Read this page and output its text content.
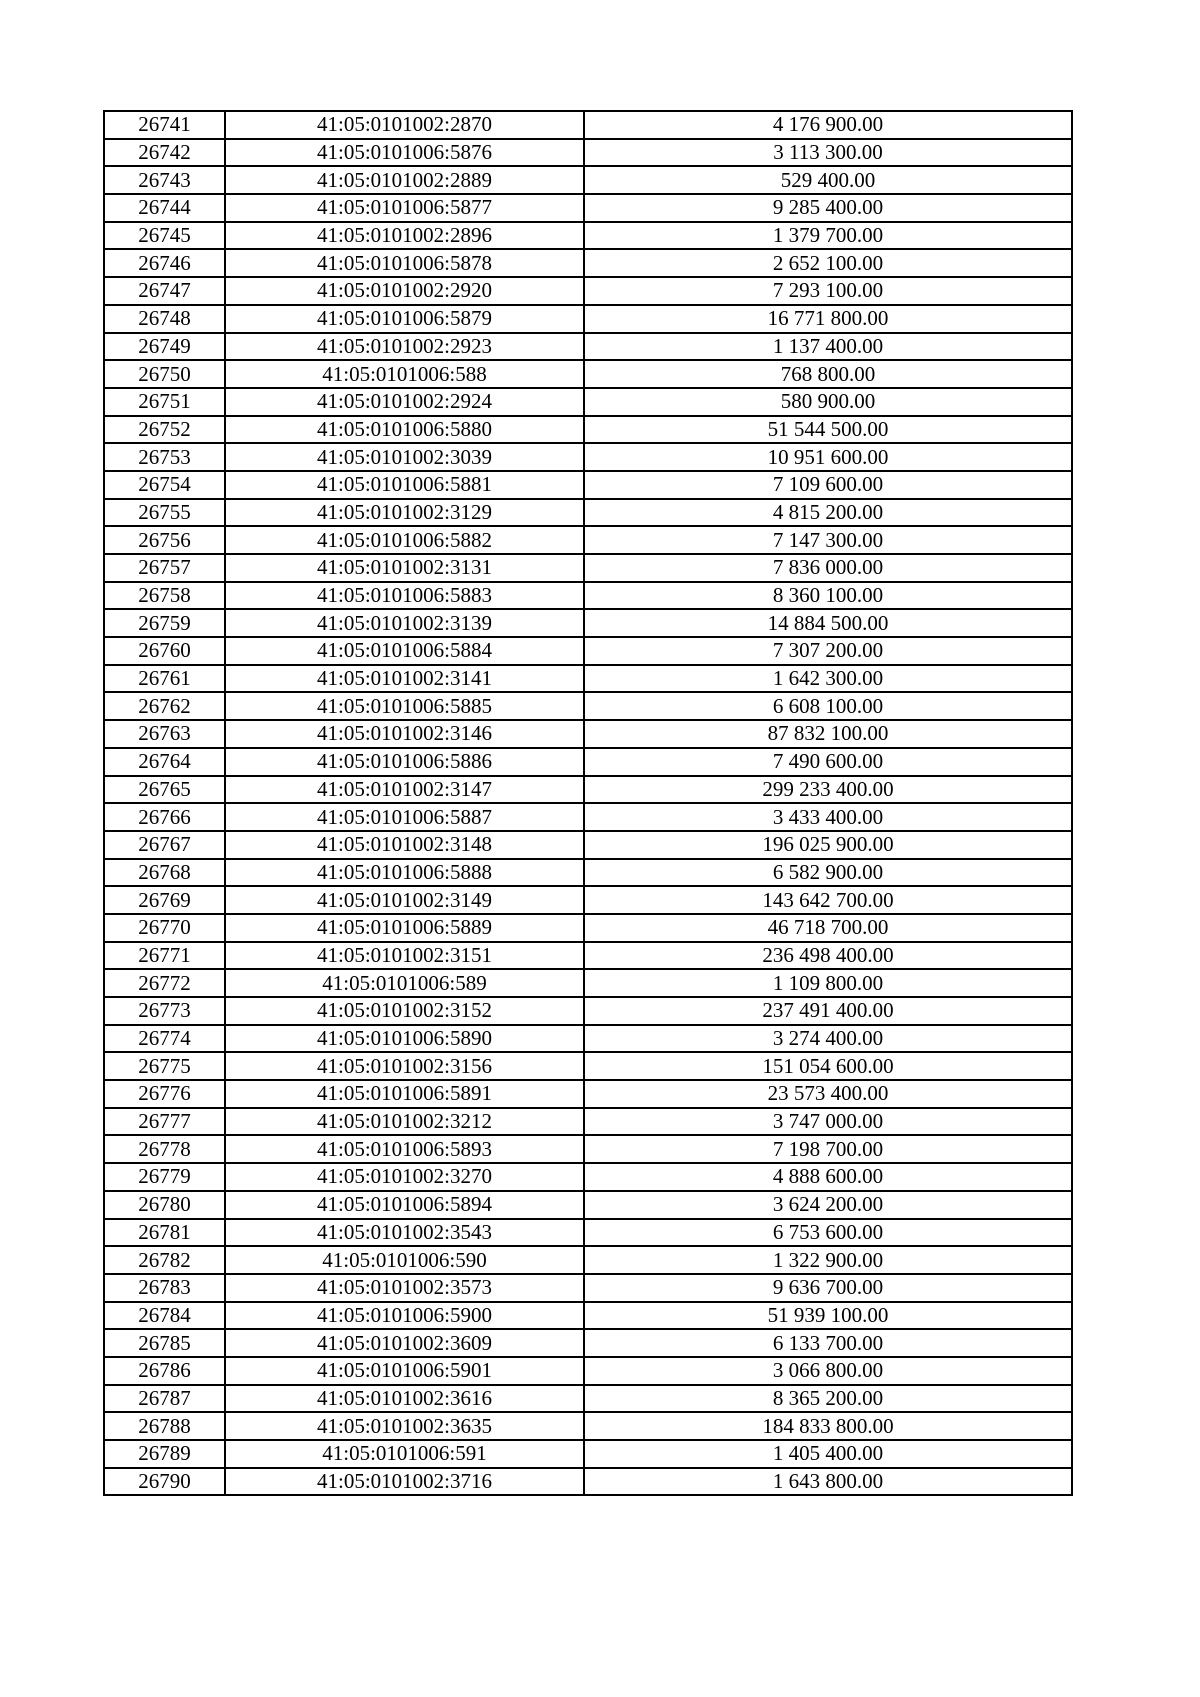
26741	41:05:0101002:2870	4 176 900.00
26742	41:05:0101006:5876	3 113 300.00
26743	41:05:0101002:2889	529 400.00
26744	41:05:0101006:5877	9 285 400.00
26745	41:05:0101002:2896	1 379 700.00
26746	41:05:0101006:5878	2 652 100.00
26747	41:05:0101002:2920	7 293 100.00
26748	41:05:0101006:5879	16 771 800.00
26749	41:05:0101002:2923	1 137 400.00
26750	41:05:0101006:588	768 800.00
26751	41:05:0101002:2924	580 900.00
26752	41:05:0101006:5880	51 544 500.00
26753	41:05:0101002:3039	10 951 600.00
26754	41:05:0101006:5881	7 109 600.00
26755	41:05:0101002:3129	4 815 200.00
26756	41:05:0101006:5882	7 147 300.00
26757	41:05:0101002:3131	7 836 000.00
26758	41:05:0101006:5883	8 360 100.00
26759	41:05:0101002:3139	14 884 500.00
26760	41:05:0101006:5884	7 307 200.00
26761	41:05:0101002:3141	1 642 300.00
26762	41:05:0101006:5885	6 608 100.00
26763	41:05:0101002:3146	87 832 100.00
26764	41:05:0101006:5886	7 490 600.00
26765	41:05:0101002:3147	299 233 400.00
26766	41:05:0101006:5887	3 433 400.00
26767	41:05:0101002:3148	196 025 900.00
26768	41:05:0101006:5888	6 582 900.00
26769	41:05:0101002:3149	143 642 700.00
26770	41:05:0101006:5889	46 718 700.00
26771	41:05:0101002:3151	236 498 400.00
26772	41:05:0101006:589	1 109 800.00
26773	41:05:0101002:3152	237 491 400.00
26774	41:05:0101006:5890	3 274 400.00
26775	41:05:0101002:3156	151 054 600.00
26776	41:05:0101006:5891	23 573 400.00
26777	41:05:0101002:3212	3 747 000.00
26778	41:05:0101006:5893	7 198 700.00
26779	41:05:0101002:3270	4 888 600.00
26780	41:05:0101006:5894	3 624 200.00
26781	41:05:0101002:3543	6 753 600.00
26782	41:05:0101006:590	1 322 900.00
26783	41:05:0101002:3573	9 636 700.00
26784	41:05:0101006:5900	51 939 100.00
26785	41:05:0101002:3609	6 133 700.00
26786	41:05:0101006:5901	3 066 800.00
26787	41:05:0101002:3616	8 365 200.00
26788	41:05:0101002:3635	184 833 800.00
26789	41:05:0101006:591	1 405 400.00
26790	41:05:0101002:3716	1 643 800.00
